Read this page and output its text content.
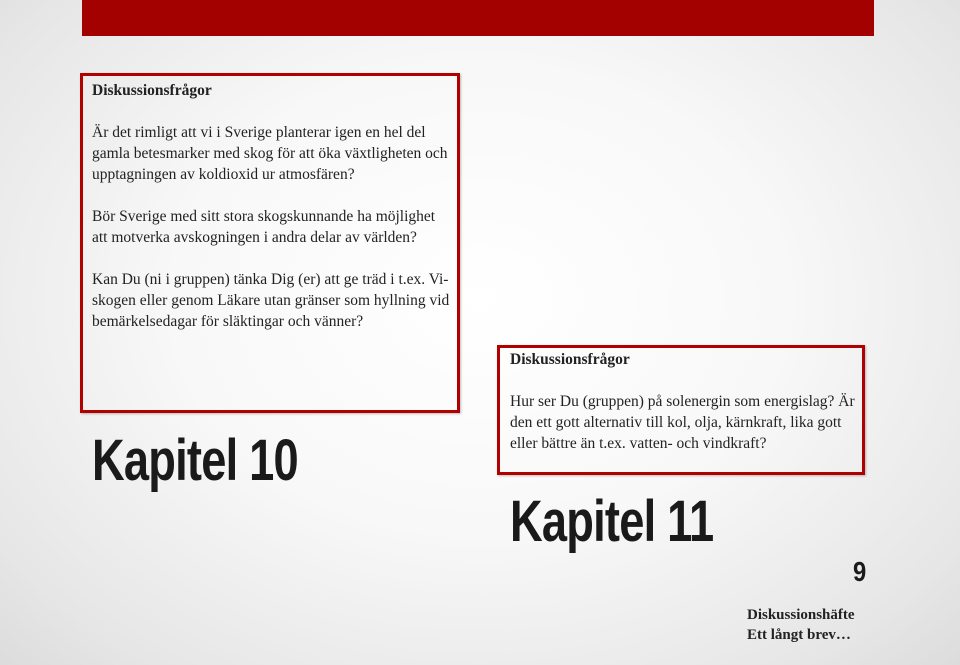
Diskussionsfrågor

Är det rimligt att vi i Sverige planterar igen en hel del gamla betesmarker med skog för att öka växtligheten och upptagningen av koldioxid ur atmosfären?

Bör Sverige med sitt stora skogskunnande ha möjlighet att motverka avskogningen i andra delar av världen?

Kan Du (ni i gruppen) tänka Dig (er) att ge träd i t.ex. Vi-skogen eller genom Läkare utan gränser som hyllning vid bemärkelsedagar för släktingar och vänner?

Kapitel 10

Diskussionsfrågor

Hur ser Du (gruppen) på solenergin som energislag? Är den ett gott alternativ till kol, olja, kärnkraft, lika gott eller bättre än t.ex. vatten- och vindkraft?

Kapitel 11
9
Diskussionshäfte
Ett långt brev…
